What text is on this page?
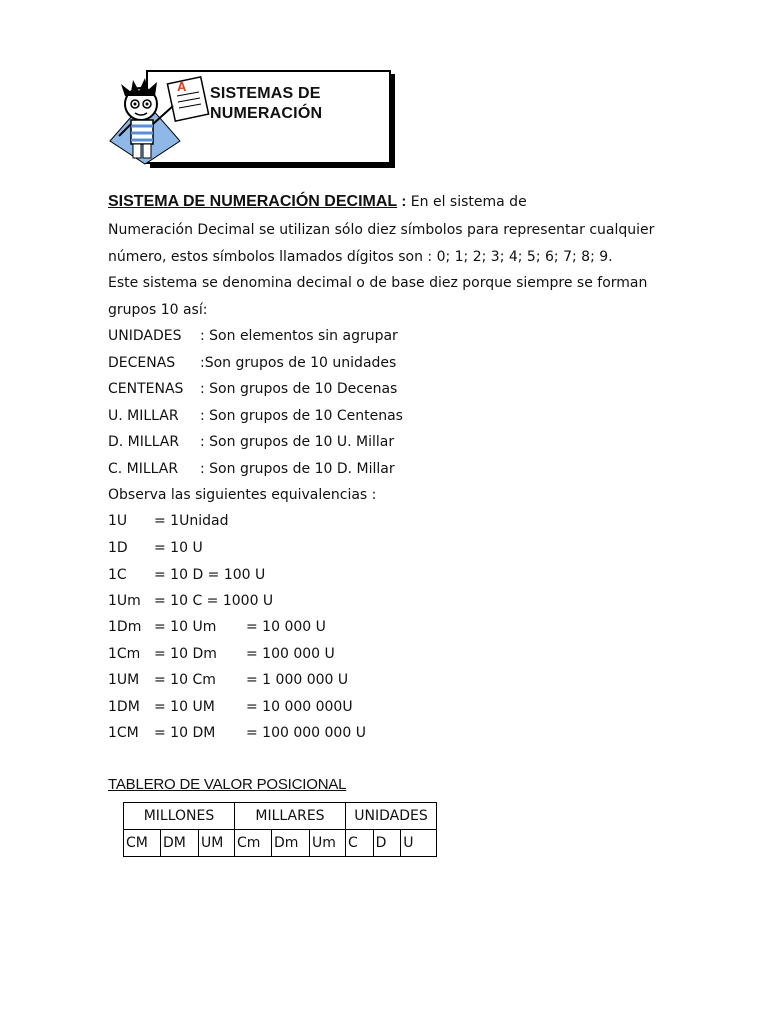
A SISTEMAS DE
NUMERACIÓN
SISTEMA DE NUMERACIÓN DECIMAL : En el sistema de
Numeración Decimal se utilizan sólo diez símbolos para representar cualquier
número, estos símbolos llamados dígitos son : 0; 1; 2; 3; 4; 5; 6; 7; 8; 9.
Este sistema se denomina decimal o de base diez porque siempre se forman
grupos 10 así:
UNIDADES : Son elementos sin agrupar
DECENAS :Son grupos de 10 unidades
CENTENAS : Son grupos de 10 Decenas
U. MILLAR : Son grupos de 10 Centenas
D. MILLAR : Son grupos de 10 U. Millar
C. MILLAR : Son grupos de 10 D. Millar
Observa las siguientes equivalencias :
1U = 1Unidad
1D = 10 U
1C = 10 D = 100 U
1Um = 10 C = 1000 U
1Dm = 10 Um = 10 000 U
1Cm = 10 Dm = 100 000 U
1UM = 10 Cm = 1 000 000 U
1DM = 10 UM = 10 000 000U
1CM = 10 DM = 100 000 000 U
TABLERO DE VALOR POSICIONAL
MILLONES			MILLARES			UNIDADES		
CM	DM	UM	Cm	Dm	Um	C	D	U
